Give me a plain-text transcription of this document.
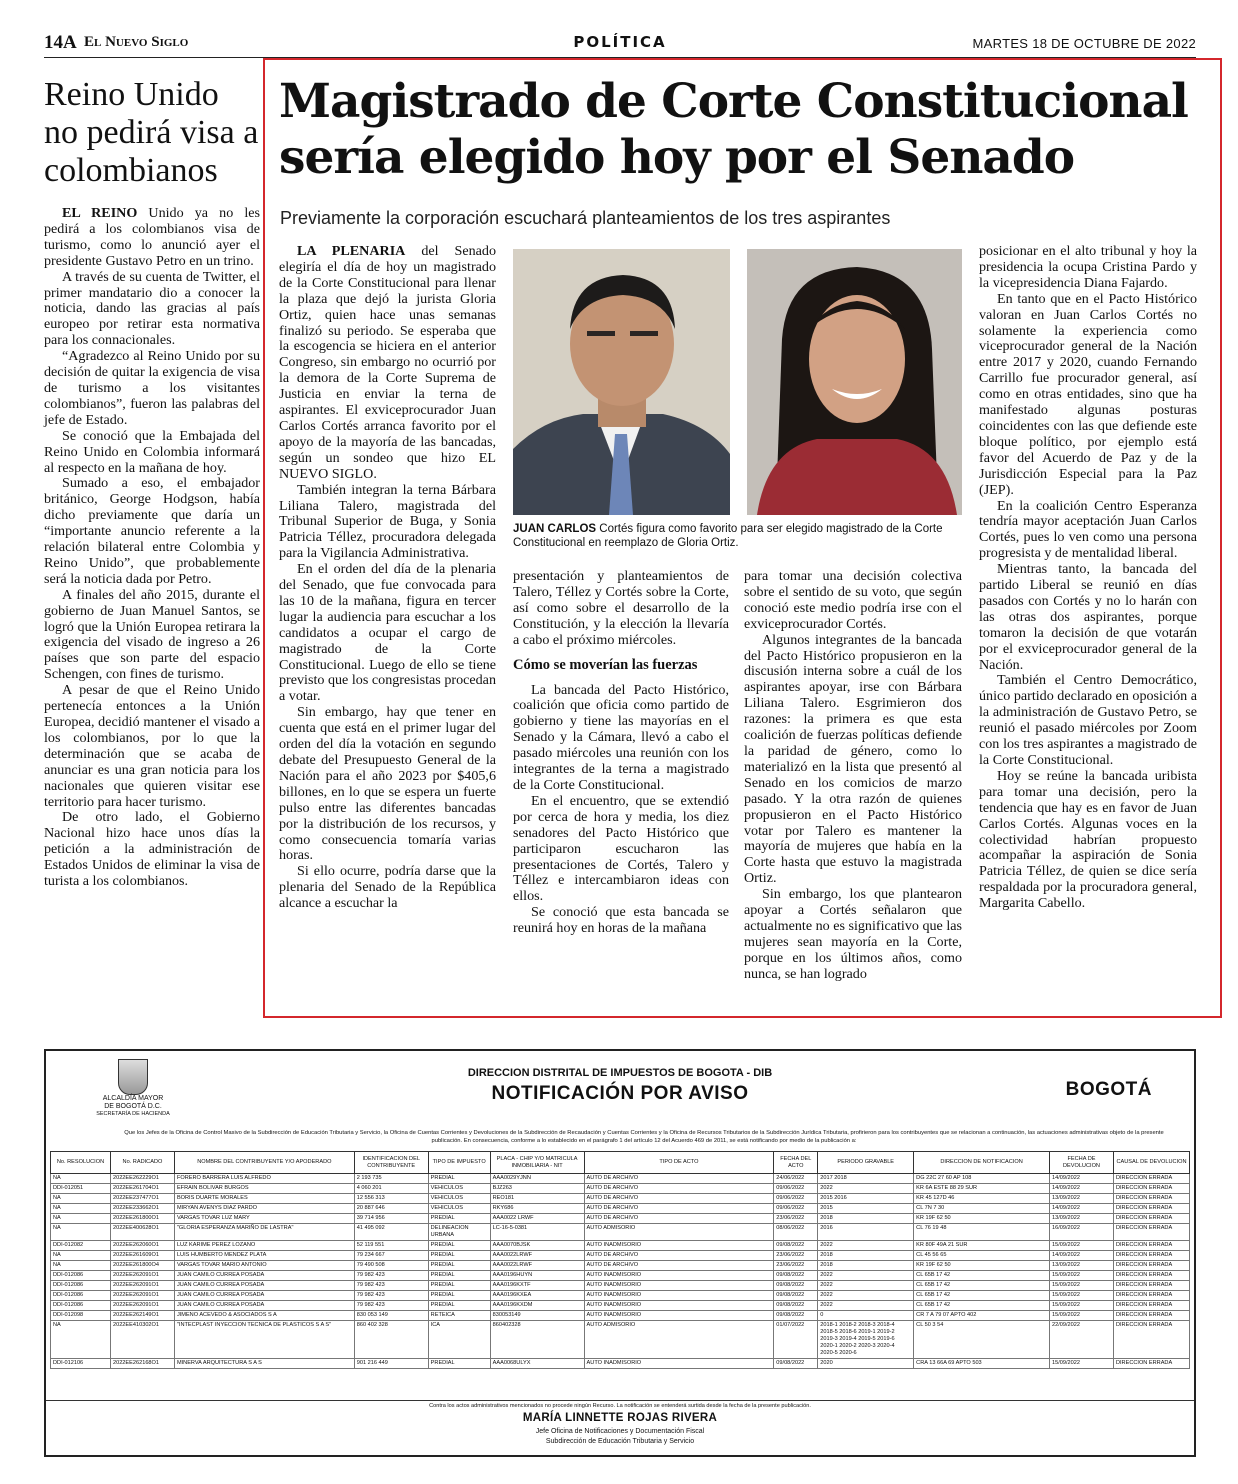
14A El Nuevo Siglo	POLÍTICA	MARTES 18 DE OCTUBRE DE 2022
Reino Unido no pedirá visa a colombianos

EL REINO Unido ya no les pedirá a los colombianos visa de turismo, como lo anunció ayer el presidente Gustavo Petro en un trino.

A través de su cuenta de Twitter, el primer mandatario dio a conocer la noticia, dando las gracias al país europeo por retirar esta normativa para los connacionales.

“Agradezco al Reino Unido por su decisión de quitar la exigencia de visa de turismo a los visitantes colombianos”, fueron las palabras del jefe de Estado.

Se conoció que la Embajada del Reino Unido en Colombia informará al respecto en la mañana de hoy.

Sumado a eso, el embajador británico, George Hodgson, había dicho previamente que daría un “importante anuncio referente a la relación bilateral entre Colombia y Reino Unido”, que probablemente será la noticia dada por Petro.

A finales del año 2015, durante el gobierno de Juan Manuel Santos, se logró que la Unión Europea retirara la exigencia del visado de ingreso a 26 países que son parte del espacio Schengen, con fines de turismo.

A pesar de que el Reino Unido pertenecía entonces a la Unión Europea, decidió mantener el visado a los colombianos, por lo que la determinación que se acaba de anunciar es una gran noticia para los nacionales que quieren visitar ese territorio para hacer turismo.

De otro lado, el Gobierno Nacional hizo hace unos días la petición a la administración de Estados Unidos de eliminar la visa de turista a los colombianos.

Magistrado de Corte Constitucional sería elegido hoy por el Senado
Previamente la corporación escuchará planteamientos de los tres aspirantes

LA PLENARIA del Senado elegiría el día de hoy un magistrado de la Corte Constitucional para llenar la plaza que dejó la jurista Gloria Ortiz, quien hace unas semanas finalizó su periodo. Se esperaba que la escogencia se hiciera en el anterior Congreso, sin embargo no ocurrió por la demora de la Corte Suprema de Justicia en enviar la terna de aspirantes. El exviceprocurador Juan Carlos Cortés arranca favorito por el apoyo de la mayoría de las bancadas, según un sondeo que hizo EL NUEVO SIGLO.

También integran la terna Bárbara Liliana Talero, magistrada del Tribunal Superior de Buga, y Sonia Patricia Téllez, procuradora delegada para la Vigilancia Administrativa.

En el orden del día de la plenaria del Senado, que fue convocada para las 10 de la mañana, figura en tercer lugar la audiencia para escuchar a los candidatos a ocupar el cargo de magistrado de la Corte Constitucional. Luego de ello se tiene previsto que los congresistas procedan a votar.

Sin embargo, hay que tener en cuenta que está en el primer lugar del orden del día la votación en segundo debate del Presupuesto General de la Nación para el año 2023 por $405,6 billones, en lo que se espera un fuerte pulso entre las diferentes bancadas por la distribución de los recursos, y como consecuencia tomaría varias horas.

Si ello ocurre, podría darse que la plenaria del Senado de la República alcance a escuchar la

JUAN CARLOS Cortés figura como favorito para ser elegido magistrado de la Corte Constitucional en reemplazo de Gloria Ortiz.

presentación y planteamientos de Talero, Téllez y Cortés sobre la Corte, así como sobre el desarrollo de la Constitución, y la elección la llevaría a cabo el próximo miércoles.

Cómo se moverían las fuerzas

La bancada del Pacto Histórico, coalición que oficia como partido de gobierno y tiene las mayorías en el Senado y la Cámara, llevó a cabo el pasado miércoles una reunión con los integrantes de la terna a magistrado de la Corte Constitucional.

En el encuentro, que se extendió por cerca de hora y media, los diez senadores del Pacto Histórico que participaron escucharon las presentaciones de Cortés, Talero y Téllez e intercambiaron ideas con ellos.

Se conoció que esta bancada se reunirá hoy en horas de la mañana

para tomar una decisión colectiva sobre el sentido de su voto, que según conoció este medio podría irse con el exviceprocurador Cortés.

Algunos integrantes de la bancada del Pacto Histórico propusieron en la discusión interna sobre a cuál de los aspirantes apoyar, irse con Bárbara Liliana Talero. Esgrimieron dos razones: la primera es que esta coalición de fuerzas políticas defiende la paridad de género, como lo materializó en la lista que presentó al Senado en los comicios de marzo pasado. Y la otra razón de quienes propusieron en el Pacto Histórico votar por Talero es mantener la mayoría de mujeres que había en la Corte hasta que estuvo la magistrada Ortiz.

Sin embargo, los que plantearon apoyar a Cortés señalaron que actualmente no es significativo que las mujeres sean mayoría en la Corte, porque en los últimos años, como nunca, se han logrado

posicionar en el alto tribunal y hoy la presidencia la ocupa Cristina Pardo y la vicepresidencia Diana Fajardo.

En tanto que en el Pacto Histórico valoran en Juan Carlos Cortés no solamente la experiencia como viceprocurador general de la Nación entre 2017 y 2020, cuando Fernando Carrillo fue procurador general, así como en otras entidades, sino que ha manifestado algunas posturas coincidentes con las que defiende este bloque político, por ejemplo está favor del Acuerdo de Paz y de la Jurisdicción Especial para la Paz (JEP).

En la coalición Centro Esperanza tendría mayor aceptación Juan Carlos Cortés, pues lo ven como una persona progresista y de mentalidad liberal.

Mientras tanto, la bancada del partido Liberal se reunió en días pasados con Cortés y no lo harán con las otras dos aspirantes, porque tomaron la decisión de que votarán por el exviceprocurador general de la Nación.

También el Centro Democrático, único partido declarado en oposición a la administración de Gustavo Petro, se reunió el pasado miércoles por Zoom con los tres aspirantes a magistrado de la Corte Constitucional.

Hoy se reúne la bancada uribista para tomar una decisión, pero la tendencia que hay es en favor de Juan Carlos Cortés. Algunas voces en la colectividad habrían propuesto acompañar la aspiración de Sonia Patricia Téllez, de quien se dice sería respaldada por la procuradora general, Margarita Cabello.

ALCALDÍA MAYOR
DE BOGOTÁ D.C.
SECRETARÍA DE HACIENDA
DIRECCION DISTRITAL DE IMPUESTOS DE BOGOTA - DIB
NOTIFICACIÓN POR AVISO	BOGOTÁ
Que los Jefes de la Oficina de Control Masivo de la Subdirección de Educación Tributaria y Servicio, la Oficina de Cuentas Corrientes y Devoluciones de la Subdirección de Recaudación y Cuentas Corrientes y la Oficina de Recursos Tributarios de la Subdirección Jurídica Tributaria, profirieron para los contribuyentes que se relacionan a continuación, las actuaciones administrativas objeto de la presente publicación. En consecuencia, conforme a lo establecido en el parágrafo 1 del artículo 12 del Acuerdo 469 de 2011, se está notificando por medio de la publicación a:
No. RESOLUCION	No. RADICADO	NOMBRE DEL CONTRIBUYENTE Y/O APODERADO	IDENTIFICACION DEL CONTRIBUYENTE	TIPO DE IMPUESTO	PLACA - CHIP Y/O MATRICULA INMOBILIARIA - NIT	TIPO DE ACTO	FECHA DEL ACTO	PERIODO GRAVABLE	DIRECCION DE NOTIFICACION	FECHA DE DEVOLUCION	CAUSAL DE DEVOLUCION
NA	2022EE262229O1	FORERO BARRERA LUIS ALFREDO	2 193 735	PREDIAL	AAA0029YJNN	AUTO DE ARCHIVO	24/06/2022	2017 2018	DG 22C 27 60 AP 108	14/09/2022	DIRECCION ERRADA
DDI-012051	2022EE261704O1	EFRAIN BOLIVAR BURGOS	4 060 201	VEHICULOS	BJZ263	AUTO DE ARCHIVO	09/06/2022	2022	KR 6A ESTE 88 29 SUR	14/09/2022	DIRECCION ERRADA
NA	2022EE237477O1	BORIS DUARTE MORALES	12 556 313	VEHICULOS	REO181	AUTO DE ARCHIVO	09/06/2022	2015 2016	KR 45 127D 46	13/09/2022	DIRECCION ERRADA
NA	2022EE233662O1	MIRYAN AVENYS DIAZ PARDO	20 887 646	VEHICULOS	RKY686	AUTO DE ARCHIVO	09/06/2022	2015	CL 7N 7 30	14/09/2022	DIRECCION ERRADA
NA	2022EE261800O1	VARGAS TOVAR LUZ MARY	39 714 956	PREDIAL	AAA0022 LRWF	AUTO DE ARCHIVO	23/06/2022	2018	KR 19F 62 50	13/09/2022	DIRECCION ERRADA
NA	2022EE400628O1	"GLORIA ESPERANZA MARIÑO DE LASTRA"	41 495 092	DELINEACION URBANA	LC-16-5-0381	AUTO ADMISORIO	08/06/2022	2016	CL 76 19 48	16/09/2022	DIRECCION ERRADA
DDI-012082	2022EE262060O1	LUZ KARIME PEREZ LOZANO	52 119 551	PREDIAL	AAA0070BJSK	AUTO INADMISORIO	09/08/2022	2022	KR 80F 49A 21 SUR	15/09/2022	DIRECCION ERRADA
NA	2022EE261609O1	LUIS HUMBERTO MENDEZ PLATA	79 234 667	PREDIAL	AAA0022LRWF	AUTO DE ARCHIVO	23/06/2022	2018	CL 45 56 65	14/09/2022	DIRECCION ERRADA
NA	2022EE261800O4	VARGAS TOVAR MARIO ANTONIO	79 490 508	PREDIAL	AAA0022LRWF	AUTO DE ARCHIVO	23/06/2022	2018	KR 19F 62 50	13/09/2022	DIRECCION ERRADA
DDI-012086	2022EE262091O1	JUAN CAMILO CURREA POSADA	79 982 423	PREDIAL	AAA0196HUYN	AUTO INADMISORIO	09/08/2022	2022	CL 65B 17 42	15/09/2022	DIRECCION ERRADA
DDI-012086	2022EE262091O1	JUAN CAMILO CURREA POSADA	79 982 423	PREDIAL	AAA0196KXTF	AUTO INADMISORIO	09/08/2022	2022	CL 65B 17 42	15/09/2022	DIRECCION ERRADA
DDI-012086	2022EE262091O1	JUAN CAMILO CURREA POSADA	79 982 423	PREDIAL	AAA0196KXEA	AUTO INADMISORIO	09/08/2022	2022	CL 65B 17 42	15/09/2022	DIRECCION ERRADA
DDI-012086	2022EE262091O1	JUAN CAMILO CURREA POSADA	79 982 423	PREDIAL	AAA0196KXDM	AUTO INADMISORIO	09/08/2022	2022	CL 65B 17 42	15/09/2022	DIRECCION ERRADA
DDI-012098	2022EE262149O1	JIMENO ACEVEDO & ASOCIADOS S A	830 053 149	RETEICA	830053149	AUTO INADMISORIO	09/08/2022	0	CR 7 A 79 07 APTO 402	15/09/2022	DIRECCION ERRADA
NA	2022EE410302O1	"INTECPLAST INYECCION TECNICA DE PLASTICOS S A S"	860 402 328	ICA	860402328	AUTO ADMISORIO	01/07/2022	2018-1 2018-2 2018-3 2018-4
2018-5 2018-6 2019-1 2019-2
2019-3 2019-4 2019-5 2019-6
2020-1 2020-2 2020-3 2020-4
2020-5 2020-6	CL 50 3 54	22/09/2022	DIRECCION ERRADA
DDI-012106	2022EE262168O1	MINERVA ARQUITECTURA S A S	901 216 449	PREDIAL	AAA0068ULYX	AUTO INADMISORIO	09/08/2022	2020	CRA 13 66A 69 APTO 503	15/09/2022	DIRECCION ERRADA
Contra los actos administrativos mencionados no procede ningún Recurso. La notificación se entenderá surtida desde la fecha de la presente publicación.
MARÍA LINNETTE ROJAS RIVERA
Jefe Oficina de Notificaciones y Documentación Fiscal
Subdirección de Educación Tributaria y Servicio
